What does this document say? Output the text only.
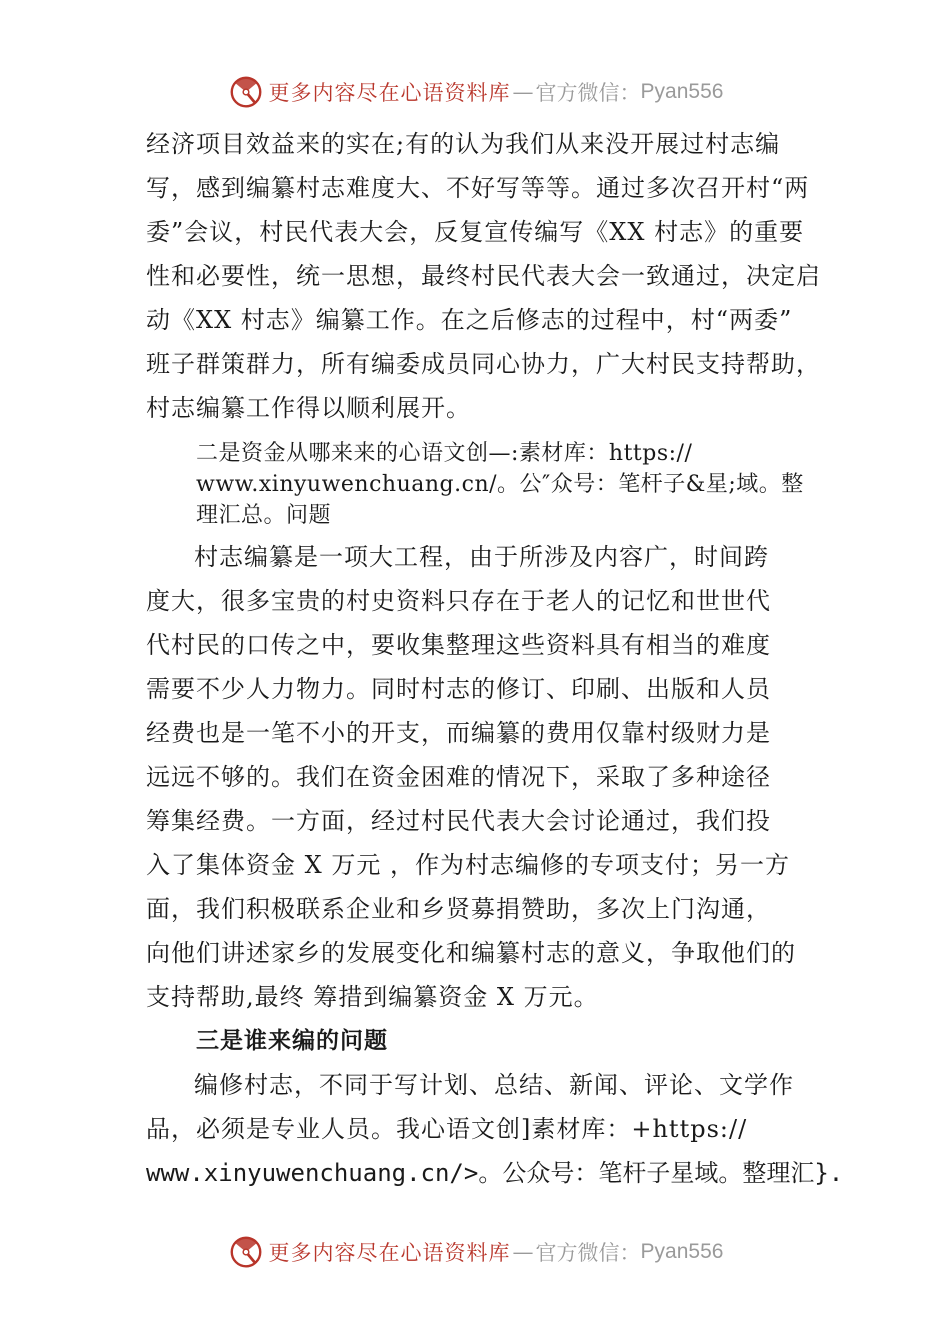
更多内容尽在心语资料库 — 官方微信： Pyan556
经济项目效益来的实在;有的认为我们从来没开展过村志编
写，感到编纂村志难度大、不好写等等。通过多次召开村“两
委”会议，村民代表大会，反复宣传编写《XX 村志》的重要
性和必要性，统一思想，最终村民代表大会一致通过，决定启
动《XX 村志》编纂工作。在之后修志的过程中，村“两委”
班子群策群力，所有编委成员同心协力，广大村民支持帮助，
村志编纂工作得以顺利展开。
二是资金从哪来来的心语文创—:素材库：https://
www.xinyuwenchuang.cn/。公″众号：笔杆子&星;域。整
理汇总。问题
村志编纂是一项大工程，由于所涉及内容广，时间跨
度大，很多宝贵的村史资料只存在于老人的记忆和世世代
代村民的口传之中，要收集整理这些资料具有相当的难度
需要不少人力物力。同时村志的修订、印刷、出版和人员
经费也是一笔不小的开支，而编纂的费用仅靠村级财力是
远远不够的。我们在资金困难的情况下，采取了多种途径
筹集经费。一方面，经过村民代表大会讨论通过，我们投
入了集体资金 X 万元 ，作为村志编修的专项支付；另一方
面，我们积极联系企业和乡贤募捐赞助，多次上门沟通，
向他们讲述家乡的发展变化和编纂村志的意义，争取他们的
支持帮助,最终 筹措到编纂资金 X 万元。
三是谁来编的问题
编修村志，不同于写计划、总结、新闻、评论、文学作
品，必须是专业人员。我心语文创]素材库：+https://
www.xinyuwenchuang.cn/>。公众号：笔杆子星域。整理汇}.
更多内容尽在心语资料库 — 官方微信： Pyan556
